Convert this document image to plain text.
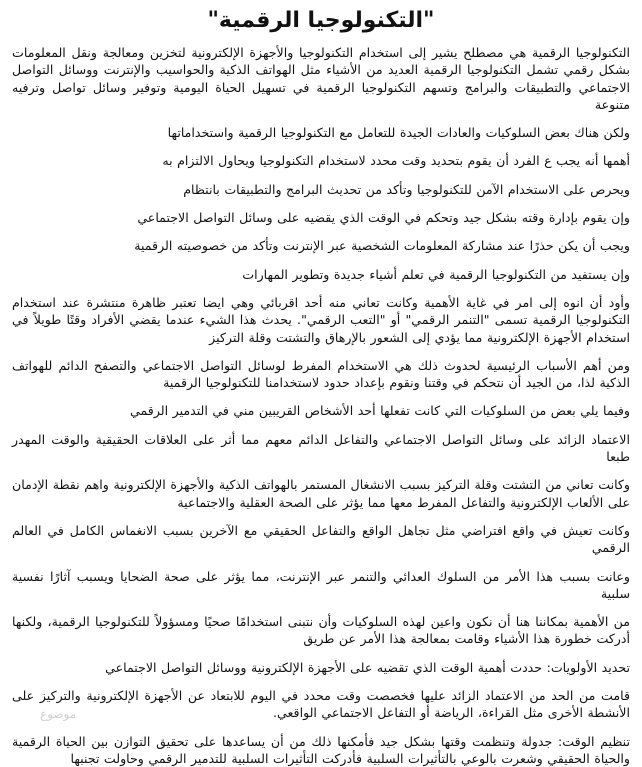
"التكنولوجيا الرقمية"

التكنولوجيا الرقمية هي مصطلح يشير إلى استخدام التكنولوجيا والأجهزة الإلكترونية لتخزين ومعالجة ونقل المعلومات بشكل رقمي تشمل التكنولوجيا الرقمية العديد من الأشياء مثل الهواتف الذكية والحواسيب والإنترنت ووسائل التواصل الاجتماعي والتطبيقات والبرامج وتسهم التكنولوجيا الرقمية في تسهيل الحياة اليومية وتوفير وسائل تواصل وترفيه متنوعة

ولكن هناك بعض السلوكيات والعادات الجيدة للتعامل مع التكنولوجيا الرقمية واستخداماتها

أهمها أنه يجب ع الفرد أن يقوم بتحديد وقت محدد لاستخدام التكنولوجيا ويحاول الالتزام به

ويحرص على الاستخدام الآمن للتكنولوجيا وتأكد من تحديث البرامج والتطبيقات بانتظام

وإن يقوم بإدارة وقته بشكل جيد وتحكم في الوقت الذي يقضيه على وسائل التواصل الاجتماعي

ويجب أن يكن حذرًا عند مشاركة المعلومات الشخصية عبر الإنترنت وتأكد من خصوصيته الرقمية

وإن يستفيد من التكنولوجيا الرقمية في تعلم أشياء جديدة وتطوير المهارات

وأود أن انوه إلى امر في غاية الأهمية وكانت تعاني منه أحد اقربائي وهي ايضا تعتبر ظاهرة منتشرة عند استخدام التكنولوجيا الرقمية تسمى "التنمر الرقمي" أو "التعب الرقمي". يحدث هذا الشيء عندما يقضي الأفراد وقتًا طويلاً في استخدام الأجهزة الإلكترونية مما يؤدي إلى الشعور بالإرهاق والتشتت وقلة التركيز

ومن أهم الأسباب الرئيسية لحدوث ذلك هي الاستخدام المفرط لوسائل التواصل الاجتماعي والتصفح الدائم للهواتف الذكية لذا، من الجيد أن نتحكم في وقتنا ونقوم بإعداد حدود لاستخدامنا للتكنولوجيا الرقمية

وفيما يلي بعض من السلوكيات التي كانت تفعلها أحد الأشخاص القريبين مني في التدمير الرقمي

الاعتماد الزائد على وسائل التواصل الاجتماعي والتفاعل الدائم معهم مما أثر على العلاقات الحقيقية والوقت المهدر طبعا

وكانت تعاني من التشتت وقلة التركيز بسبب الانشغال المستمر بالهواتف الذكية والأجهزة الإلكترونية واهم نقطة الإدمان على الألعاب الإلكترونية والتفاعل المفرط معها مما يؤثر على الصحة العقلية والاجتماعية

وكانت تعيش في واقع افتراضي مثل تجاهل الواقع والتفاعل الحقيقي مع الآخرين بسبب الانغماس الكامل في العالم الرقمي

وعانت بسبب هذا الأمر من السلوك العدائي والتنمر عبر الإنترنت، مما يؤثر على صحة الضحايا ويسبب آثارًا نفسية سلبية

من الأهمية بمكاننا هنا أن نكون واعين لهذه السلوكيات وأن نتبنى استخدامًا صحيًا ومسؤولاً للتكنولوجيا الرقمية، ولكنها أدركت خطورة هذا الأشياء وقامت بمعالجة هذا الأمر عن طريق

تحديد الأولويات: حددت أهمية الوقت الذي تقضيه على الأجهزة الإلكترونية ووسائل التواصل الاجتماعي

قامت من الحد من الاعتماد الزائد عليها فخصصت وقت محدد في اليوم للابتعاد عن الأجهزة الإلكترونية والتركيز على الأنشطة الأخرى مثل القراءة، الرياضة أو التفاعل الاجتماعي الواقعي.

تنظيم الوقت: جدولة وتنظمت وقتها بشكل جيد فأمكنها ذلك من أن يساعدها على تحقيق التوازن بين الحياة الرقمية والحياة الحقيقي وشعرت بالوعي بالتأثيرات السلبية فأدركت التأثيرات السلبية للتدمير الرقمي وحاولت تجنبها

موضوع
